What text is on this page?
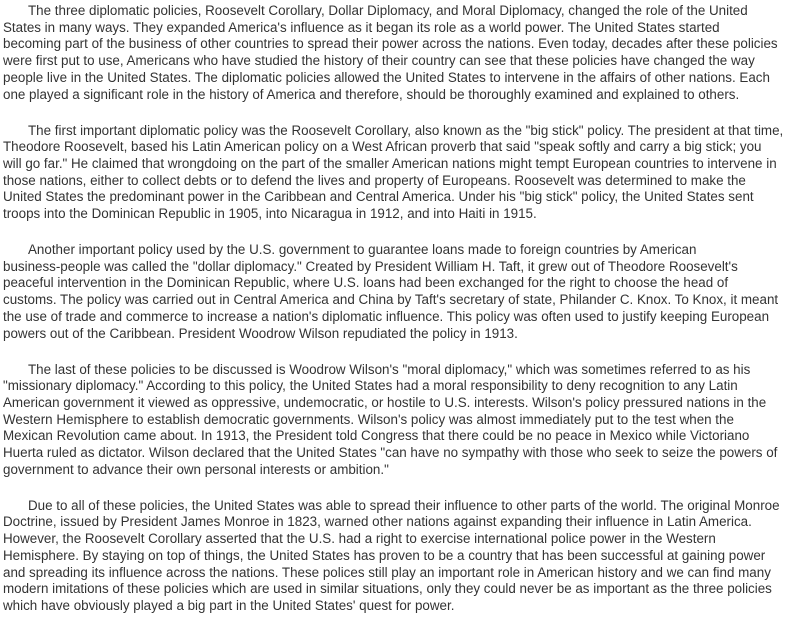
The three diplomatic policies, Roosevelt Corollary, Dollar Diplomacy, and Moral Diplomacy, changed the role of the United
States in many ways. They expanded America's influence as it began its role as a world power. The United States started
becoming part of the business of other countries to spread their power across the nations. Even today, decades after these policies
were first put to use, Americans who have studied the history of their country can see that these policies have changed the way
people live in the United States. The diplomatic policies allowed the United States to intervene in the affairs of other nations. Each
one played a significant role in the history of America and therefore, should be thoroughly examined and explained to others.

The first important diplomatic policy was the Roosevelt Corollary, also known as the "big stick" policy. The president at that time,
Theodore Roosevelt, based his Latin American policy on a West African proverb that said "speak softly and carry a big stick; you
will go far." He claimed that wrongdoing on the part of the smaller American nations might tempt European countries to intervene in
those nations, either to collect debts or to defend the lives and property of Europeans. Roosevelt was determined to make the
United States the predominant power in the Caribbean and Central America. Under his "big stick" policy, the United States sent
troops into the Dominican Republic in 1905, into Nicaragua in 1912, and into Haiti in 1915.

Another important policy used by the U.S. government to guarantee loans made to foreign countries by American
business-people was called the "dollar diplomacy." Created by President William H. Taft, it grew out of Theodore Roosevelt's
peaceful intervention in the Dominican Republic, where U.S. loans had been exchanged for the right to choose the head of
customs. The policy was carried out in Central America and China by Taft's secretary of state, Philander C. Knox. To Knox, it meant
the use of trade and commerce to increase a nation's diplomatic influence. This policy was often used to justify keeping European
powers out of the Caribbean. President Woodrow Wilson repudiated the policy in 1913.

The last of these policies to be discussed is Woodrow Wilson's "moral diplomacy," which was sometimes referred to as his
"missionary diplomacy." According to this policy, the United States had a moral responsibility to deny recognition to any Latin
American government it viewed as oppressive, undemocratic, or hostile to U.S. interests. Wilson's policy pressured nations in the
Western Hemisphere to establish democratic governments. Wilson's policy was almost immediately put to the test when the
Mexican Revolution came about. In 1913, the President told Congress that there could be no peace in Mexico while Victoriano
Huerta ruled as dictator. Wilson declared that the United States "can have no sympathy with those who seek to seize the powers of
government to advance their own personal interests or ambition."

Due to all of these policies, the United States was able to spread their influence to other parts of the world. The original Monroe
Doctrine, issued by President James Monroe in 1823, warned other nations against expanding their influence in Latin America.
However, the Roosevelt Corollary asserted that the U.S. had a right to exercise international police power in the Western
Hemisphere. By staying on top of things, the United States has proven to be a country that has been successful at gaining power
and spreading its influence across the nations. These polices still play an important role in American history and we can find many
modern imitations of these policies which are used in similar situations, only they could never be as important as the three policies
which have obviously played a big part in the United States' quest for power.
